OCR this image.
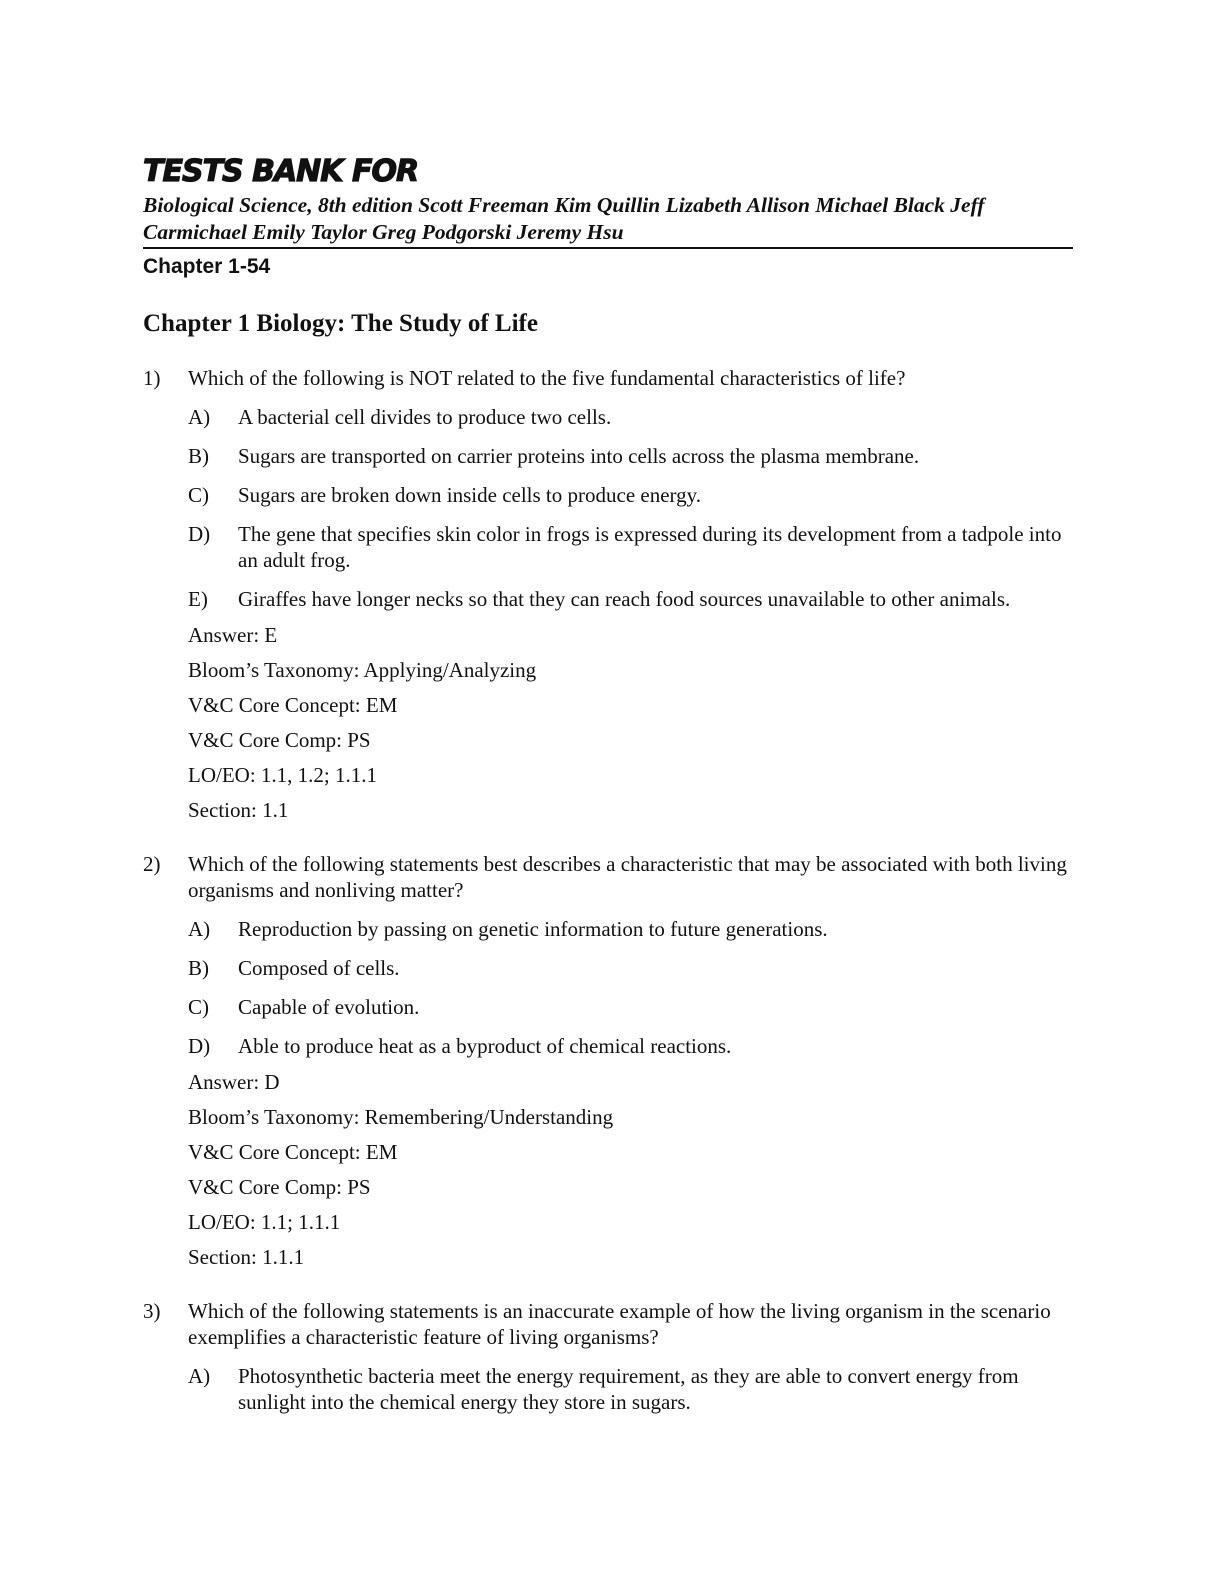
TESTS BANK FOR
Biological Science, 8th edition Scott Freeman Kim Quillin Lizabeth Allison Michael Black Jeff Carmichael Emily Taylor Greg Podgorski Jeremy Hsu
Chapter 1-54
Chapter 1 Biology: The Study of Life
1)	Which of the following is NOT related to the five fundamental characteristics of life?
A)	A bacterial cell divides to produce two cells.
B)	Sugars are transported on carrier proteins into cells across the plasma membrane.
C)	Sugars are broken down inside cells to produce energy.
D)	The gene that specifies skin color in frogs is expressed during its development from a tadpole into an adult frog.
E)	Giraffes have longer necks so that they can reach food sources unavailable to other animals.
Answer: E
Bloom’s Taxonomy: Applying/Analyzing
V&C Core Concept: EM
V&C Core Comp: PS
LO/EO: 1.1, 1.2; 1.1.1
Section: 1.1
2)	Which of the following statements best describes a characteristic that may be associated with both living organisms and nonliving matter?
A)	Reproduction by passing on genetic information to future generations.
B)	Composed of cells.
C)	Capable of evolution.
D)	Able to produce heat as a byproduct of chemical reactions.
Answer: D
Bloom’s Taxonomy: Remembering/Understanding
V&C Core Concept: EM
V&C Core Comp: PS
LO/EO: 1.1; 1.1.1
Section: 1.1.1
3)	Which of the following statements is an inaccurate example of how the living organism in the scenario exemplifies a characteristic feature of living organisms?
A)	Photosynthetic bacteria meet the energy requirement, as they are able to convert energy from sunlight into the chemical energy they store in sugars.
